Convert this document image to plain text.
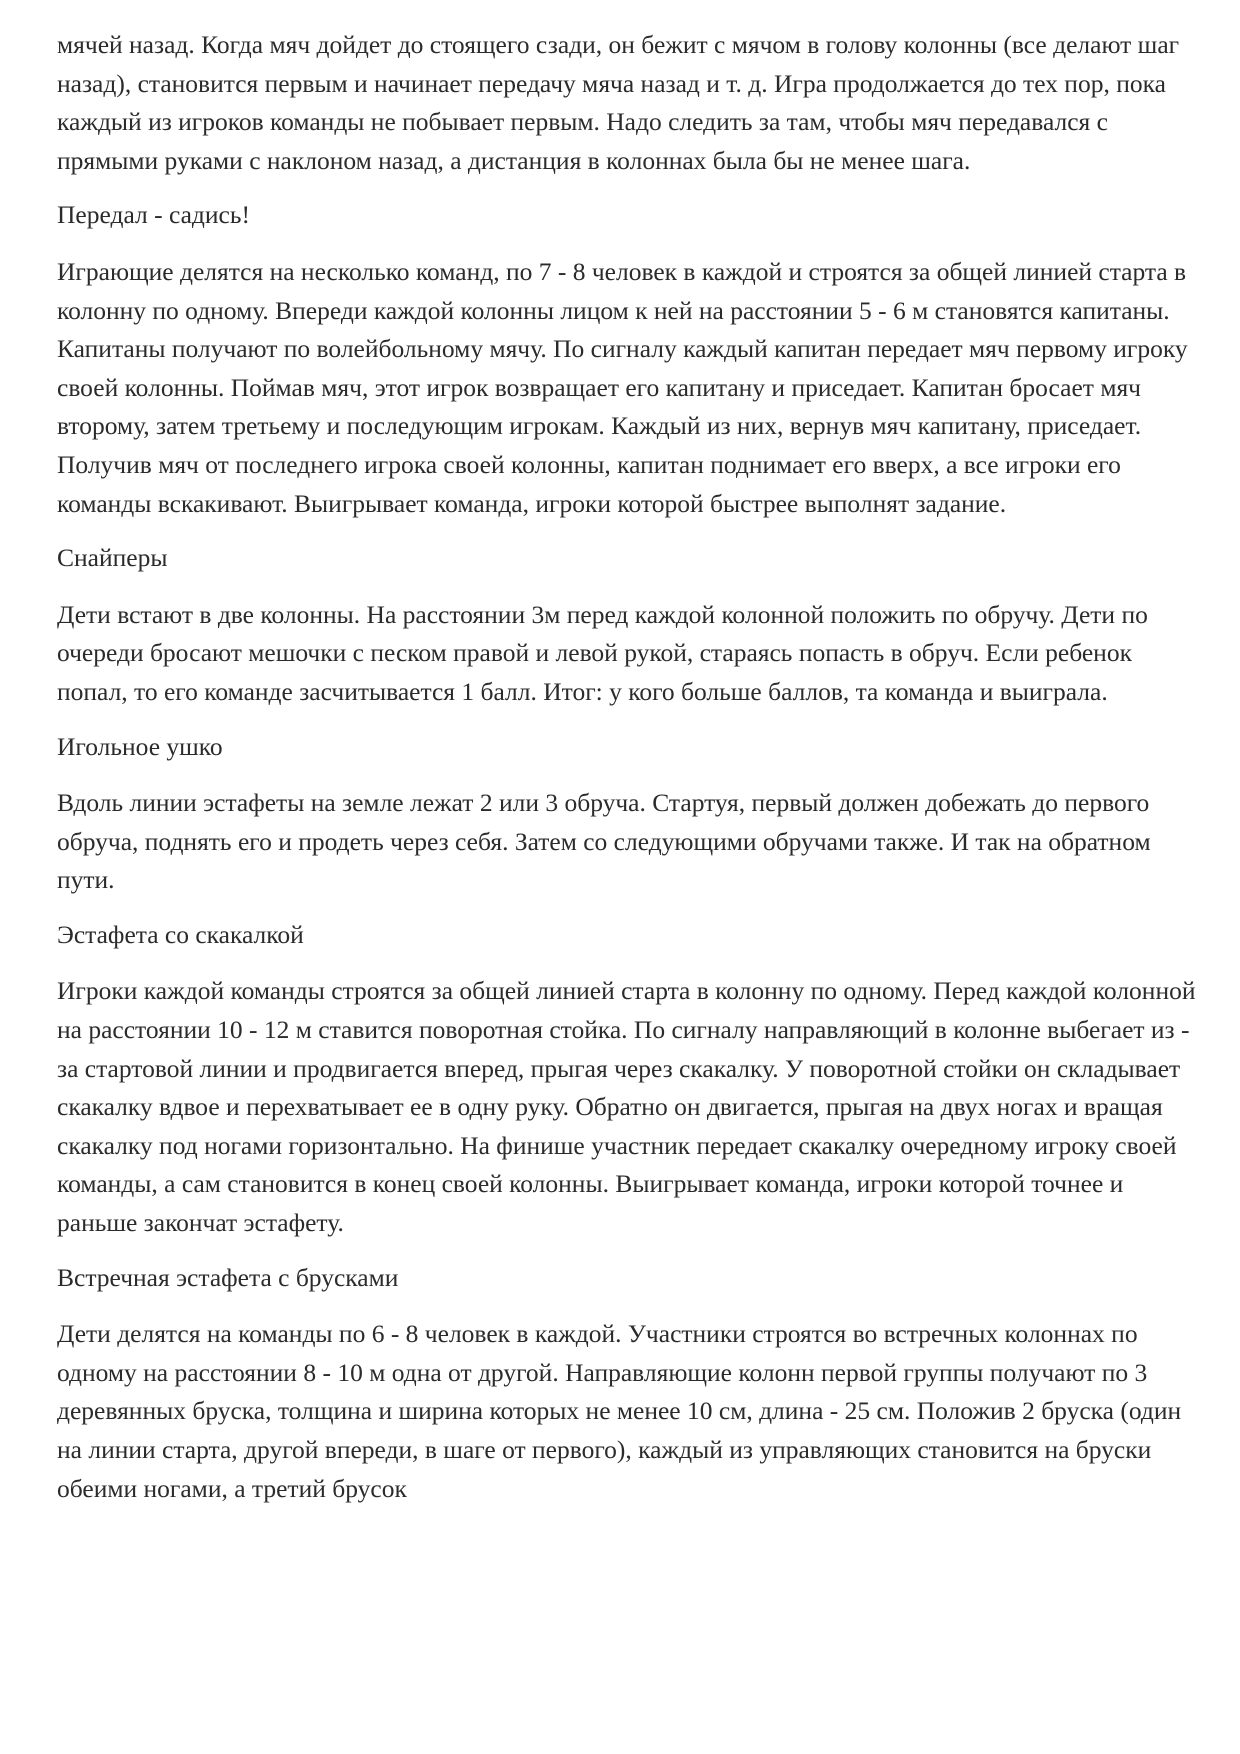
мячей назад. Когда мяч дойдет до стоящего сзади, он бежит с мячом в голову колонны (все делают шаг назад), становится первым и начинает передачу мяча назад и т. д. Игра продолжается до тех пор, пока каждый из игроков команды не побывает первым. Надо следить за там, чтобы мяч передавался с прямыми руками с наклоном назад, а дистанция в колоннах была бы не менее шага.

Передал - садись!

Играющие делятся на несколько команд, по 7 - 8 человек в каждой и строятся за общей линией старта в колонну по одному. Впереди каждой колонны лицом к ней на расстоянии 5 - 6 м становятся капитаны. Капитаны получают по волейбольному мячу. По сигналу каждый капитан передает мяч первому игроку своей колонны. Поймав мяч, этот игрок возвращает его капитану и приседает. Капитан бросает мяч второму, затем третьему и последующим игрокам. Каждый из них, вернув мяч капитану, приседает. Получив мяч от последнего игрока своей колонны, капитан поднимает его вверх, а все игроки его команды вскакивают. Выигрывает команда, игроки которой быстрее выполнят задание.

Снайперы

Дети встают в две колонны. На расстоянии 3м перед каждой колонной положить по обручу. Дети по очереди бросают мешочки с песком правой и левой рукой, стараясь попасть в обруч. Если ребенок попал, то его команде засчитывается 1 балл. Итог: у кого больше баллов, та команда и выиграла.

Игольное ушко

Вдоль линии эстафеты на земле лежат 2 или 3 обруча. Стартуя, первый должен добежать до первого обруча, поднять его и продеть через себя. Затем со следующими обручами также. И так на обратном пути.

Эстафета со скакалкой

Игроки каждой команды строятся за общей линией старта в колонну по одному. Перед каждой колонной на расстоянии 10 - 12 м ставится поворотная стойка. По сигналу направляющий в колонне выбегает из - за стартовой линии и продвигается вперед, прыгая через скакалку. У поворотной стойки он складывает скакалку вдвое и перехватывает ее в одну руку. Обратно он двигается, прыгая на двух ногах и вращая скакалку под ногами горизонтально. На финише участник передает скакалку очередному игроку своей команды, а сам становится в конец своей колонны. Выигрывает команда, игроки которой точнее и раньше закончат эстафету.

Встречная эстафета с брусками

Дети делятся на команды по 6 - 8 человек в каждой. Участники строятся во встречных колоннах по одному на расстоянии 8 - 10 м одна от другой. Направляющие колонн первой группы получают по 3 деревянных бруска, толщина и ширина которых не менее 10 см, длина - 25 см. Положив 2 бруска (один на линии старта, другой впереди, в шаге от первого), каждый из управляющих становится на бруски обеими ногами, а третий брусок
